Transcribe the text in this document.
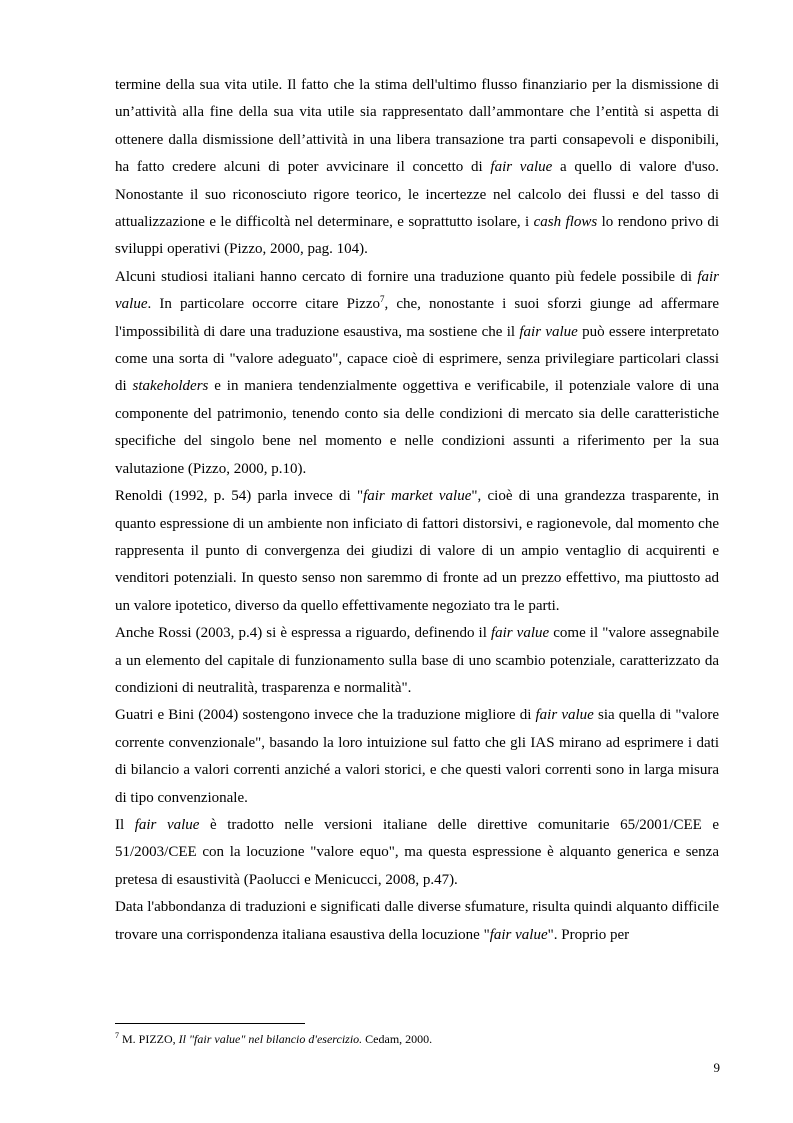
termine della sua vita utile. Il fatto che la stima dell'ultimo flusso finanziario per la dismissione di un’attività alla fine della sua vita utile sia rappresentato dall’ammontare che l’entità si aspetta di ottenere dalla dismissione dell’attività in una libera transazione tra parti consapevoli e disponibili, ha fatto credere alcuni di poter avvicinare il concetto di fair value a quello di valore d'uso. Nonostante il suo riconosciuto rigore teorico, le incertezze nel calcolo dei flussi e del tasso di attualizzazione e le difficoltà nel determinare, e soprattutto isolare, i cash flows lo rendono privo di sviluppi operativi (Pizzo, 2000, pag. 104).

Alcuni studiosi italiani hanno cercato di fornire una traduzione quanto più fedele possibile di fair value. In particolare occorre citare Pizzo$^7$, che, nonostante i suoi sforzi giunge ad affermare l'impossibilità di dare una traduzione esaustiva, ma sostiene che il fair value può essere interpretato come una sorta di "valore adeguato", capace cioè di esprimere, senza privilegiare particolari classi di stakeholders e in maniera tendenzialmente oggettiva e verificabile, il potenziale valore di una componente del patrimonio, tenendo conto sia delle condizioni di mercato sia delle caratteristiche specifiche del singolo bene nel momento e nelle condizioni assunti a riferimento per la sua valutazione (Pizzo, 2000, p.10).

Renoldi (1992, p. 54) parla invece di "fair market value", cioè di una grandezza trasparente, in quanto espressione di un ambiente non inficiato di fattori distorsivi, e ragionevole, dal momento che rappresenta il punto di convergenza dei giudizi di valore di un ampio ventaglio di acquirenti e venditori potenziali. In questo senso non saremmo di fronte ad un prezzo effettivo, ma piuttosto ad un valore ipotetico, diverso da quello effettivamente negoziato tra le parti.

Anche Rossi (2003, p.4) si è espressa a riguardo, definendo il fair value come il "valore assegnabile a un elemento del capitale di funzionamento sulla base di uno scambio potenziale, caratterizzato da condizioni di neutralità, trasparenza e normalità".

Guatri e Bini (2004) sostengono invece che la traduzione migliore di fair value sia quella di "valore corrente convenzionale", basando la loro intuizione sul fatto che gli IAS mirano ad esprimere i dati di bilancio a valori correnti anziché a valori storici, e che questi valori correnti sono in larga misura di tipo convenzionale.

Il fair value è tradotto nelle versioni italiane delle direttive comunitarie 65/2001/CEE e 51/2003/CEE con la locuzione "valore equo", ma questa espressione è alquanto generica e senza pretesa di esaustività (Paolucci e Menicucci, 2008, p.47).

Data l'abbondanza di traduzioni e significati dalle diverse sfumature, risulta quindi alquanto difficile trovare una corrispondenza italiana esaustiva della locuzione "fair value". Proprio per

$^7$ M. PIZZO, Il "fair value" nel bilancio d'esercizio. Cedam, 2000.
9
